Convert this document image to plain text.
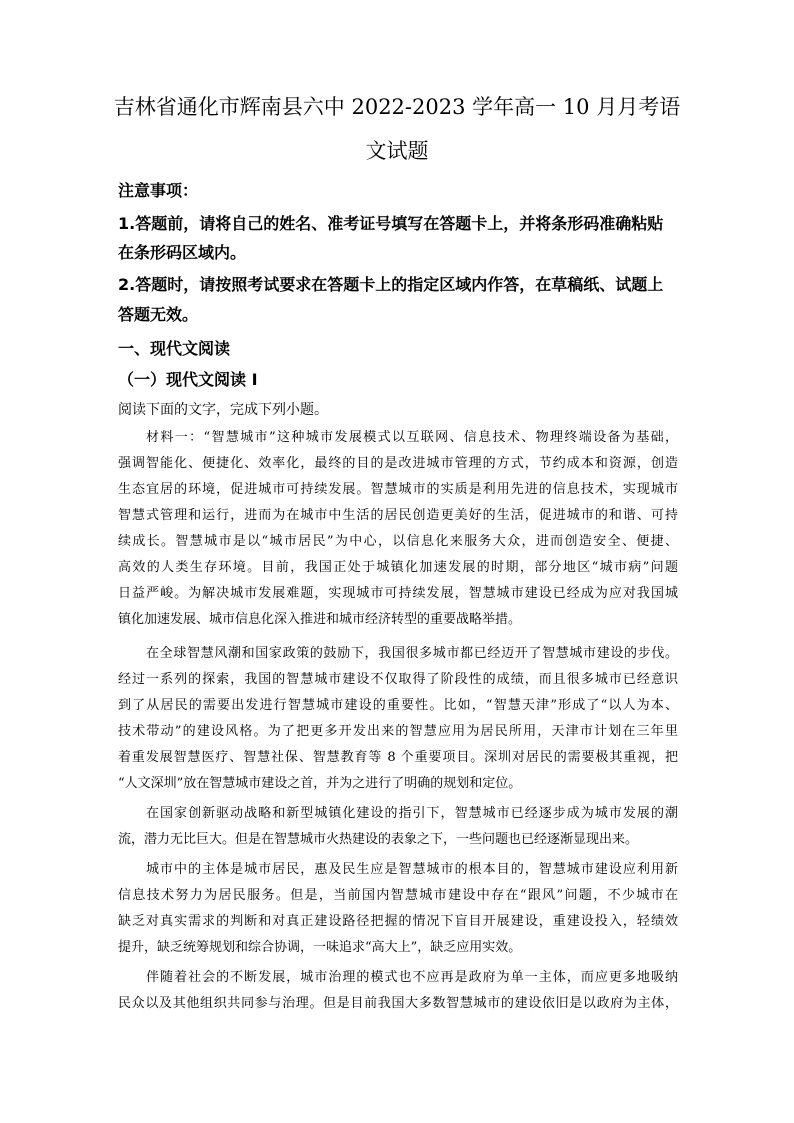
吉林省通化市辉南县六中 2022-2023 学年高一 10 月月考语
文试题
注意事项：
1.答题前，请将自己的姓名、准考证号填写在答题卡上，并将条形码准确粘贴
在条形码区域内。
2.答题时，请按照考试要求在答题卡上的指定区域内作答，在草稿纸、试题上
答题无效。
一、现代文阅读
（一）现代文阅读 I
阅读下面的文字，完成下列小题。
材料一：“智慧城市”这种城市发展模式以互联网、信息技术、物理终端设备为基础，
强调智能化、便捷化、效率化，最终的目的是改进城市管理的方式，节约成本和资源，创造
生态宜居的环境，促进城市可持续发展。智慧城市的实质是利用先进的信息技术，实现城市
智慧式管理和运行，进而为在城市中生活的居民创造更美好的生活，促进城市的和谐、可持
续成长。智慧城市是以“城市居民”为中心，以信息化来服务大众，进而创造安全、便捷、
高效的人类生存环境。目前，我国正处于城镇化加速发展的时期，部分地区“城市病”问题
日益严峻。为解决城市发展难题，实现城市可持续发展，智慧城市建设已经成为应对我国城
镇化加速发展、城市信息化深入推进和城市经济转型的重要战略举措。
在全球智慧风潮和国家政策的鼓励下，我国很多城市都已经迈开了智慧城市建设的步伐。
经过一系列的探索，我国的智慧城市建设不仅取得了阶段性的成绩，而且很多城市已经意识
到了从居民的需要出发进行智慧城市建设的重要性。比如，“智慧天津”形成了“以人为本、
技术带动”的建设风格。为了把更多开发出来的智慧应用为居民所用，天津市计划在三年里
着重发展智慧医疗、智慧社保、智慧教育等 8 个重要项目。深圳对居民的需要极其重视，把
“人文深圳”放在智慧城市建设之首，并为之进行了明确的规划和定位。
在国家创新驱动战略和新型城镇化建设的指引下，智慧城市已经逐步成为城市发展的潮
流，潜力无比巨大。但是在智慧城市火热建设的表象之下，一些问题也已经逐渐显现出来。
城市中的主体是城市居民，惠及民生应是智慧城市的根本目的，智慧城市建设应利用新
信息技术努力为居民服务。但是，当前国内智慧城市建设中存在“跟风”问题，不少城市在
缺乏对真实需求的判断和对真正建设路径把握的情况下盲目开展建设，重建设投入，轻绩效
提升，缺乏统筹规划和综合协调，一味追求“高大上”，缺乏应用实效。
伴随着社会的不断发展，城市治理的模式也不应再是政府为单一主体，而应更多地吸纳
民众以及其他组织共同参与治理。但是目前我国大多数智慧城市的建设依旧是以政府为主体，
